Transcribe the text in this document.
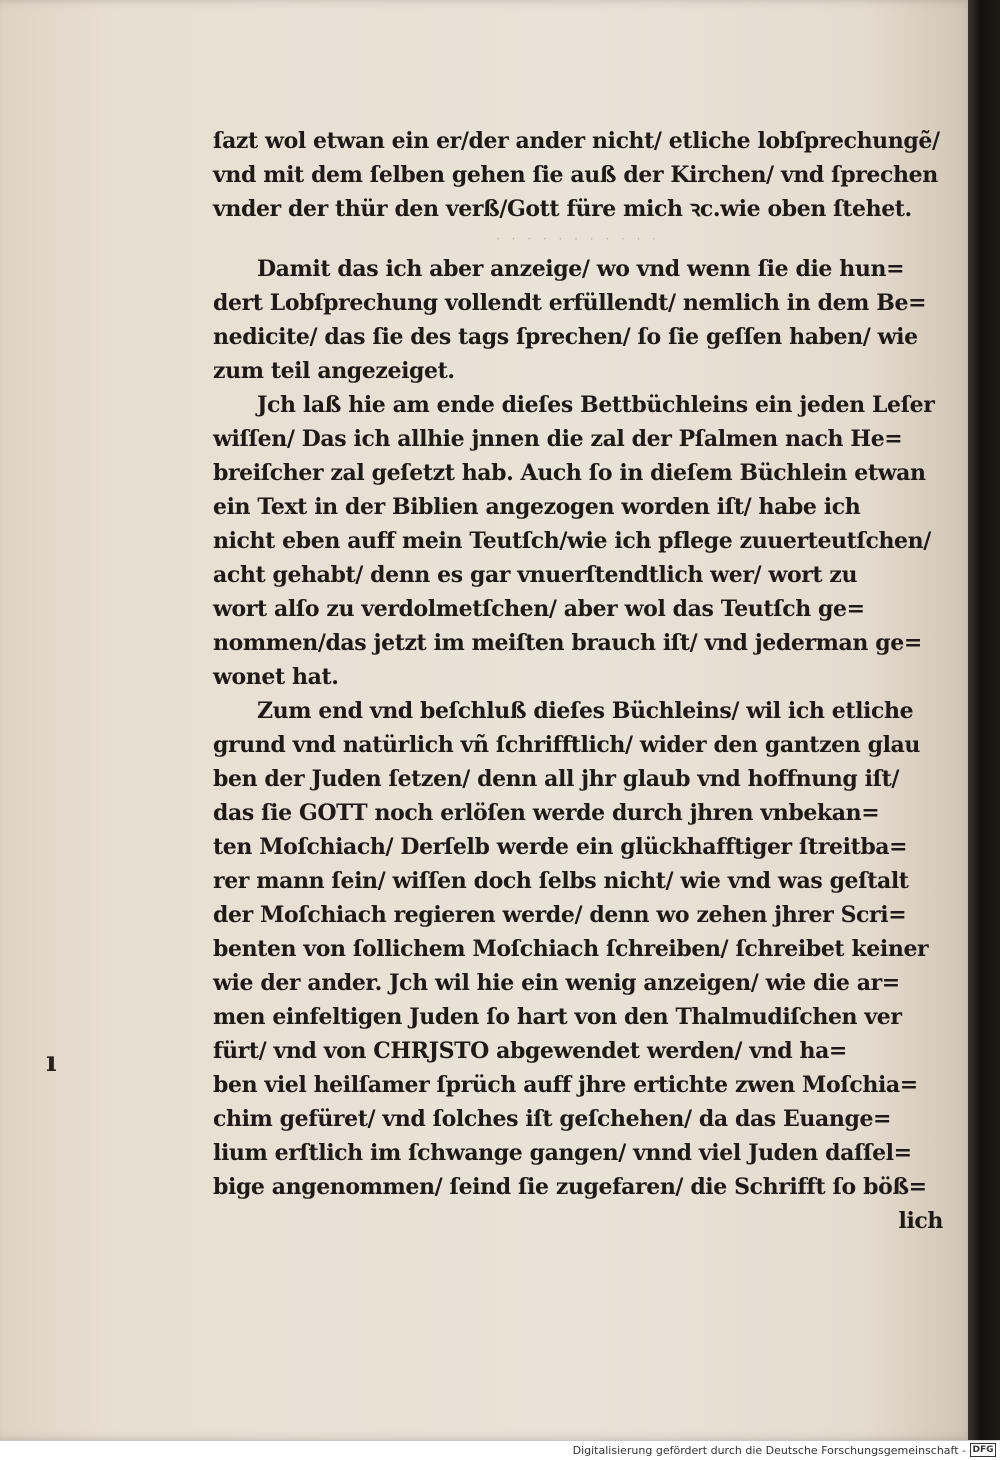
ſazt wol etwan ein er/der ander nicht/ etliche lobſprechungẽ/
vnd mit dem ſelben gehen ſie auß der Kirchen/ vnd ſprechen
vnder der thür den verß/Gott füre mich ꝛc.wie oben ſtehet.
· · · · · · · · · · ·
Damit das ich aber anzeige/ wo vnd wenn ſie die hun=
dert Lobſprechung vollendt erfüllendt/ nemlich in dem Be=
nedicite/ das ſie des tags ſprechen/ ſo ſie geſſen haben/ wie
zum teil angezeiget.
Jch laß hie am ende dieſes Bettbüchleins ein jeden Leſer
wiſſen/ Das ich allhie jnnen die zal der Pſalmen nach He=
breiſcher zal geſetzt hab. Auch ſo in dieſem Büchlein etwan
ein Text in der Biblien angezogen worden iſt/ habe ich
nicht eben auff mein Teutſch/wie ich pflege zuuerteutſchen/
acht gehabt/ denn es gar vnuerſtendtlich wer/ wort zu
wort alſo zu verdolmetſchen/ aber wol das Teutſch ge=
nommen/das jetzt im meiſten brauch iſt/ vnd jederman ge=
wonet hat.
Zum end vnd beſchluß dieſes Büchleins/ wil ich etliche
grund vnd natürlich vñ ſchrifftlich/ wider den gantzen glau
ben der Juden ſetzen/ denn all jhr glaub vnd hoffnung iſt/
das ſie GOTT noch erlöſen werde durch jhren vnbekan=
ten Moſchiach/ Derſelb werde ein glückhafftiger ſtreitba=
rer mann ſein/ wiſſen doch ſelbs nicht/ wie vnd was geſtalt
der Moſchiach regieren werde/ denn wo zehen jhrer Scri=
benten von ſollichem Moſchiach ſchreiben/ ſchreibet keiner
wie der ander. Jch wil hie ein wenig anzeigen/ wie die ar=
men einfeltigen Juden ſo hart von den Thalmudiſchen ver
fürt/ vnd von CHRJSTO abgewendet werden/ vnd ha=
ben viel heilſamer ſprüch auff jhre ertichte zwen Moſchia=
chim gefüret/ vnd ſolches iſt geſchehen/ da das Euange=
lium erſtlich im ſchwange gangen/ vnnd viel Juden daſſel=
bige angenommen/ ſeind ſie zugefaren/ die Schrifft ſo böß=
lich
ı
Digitalisierung gefördert durch die Deutsche Forschungsgemeinschaft - DFG
